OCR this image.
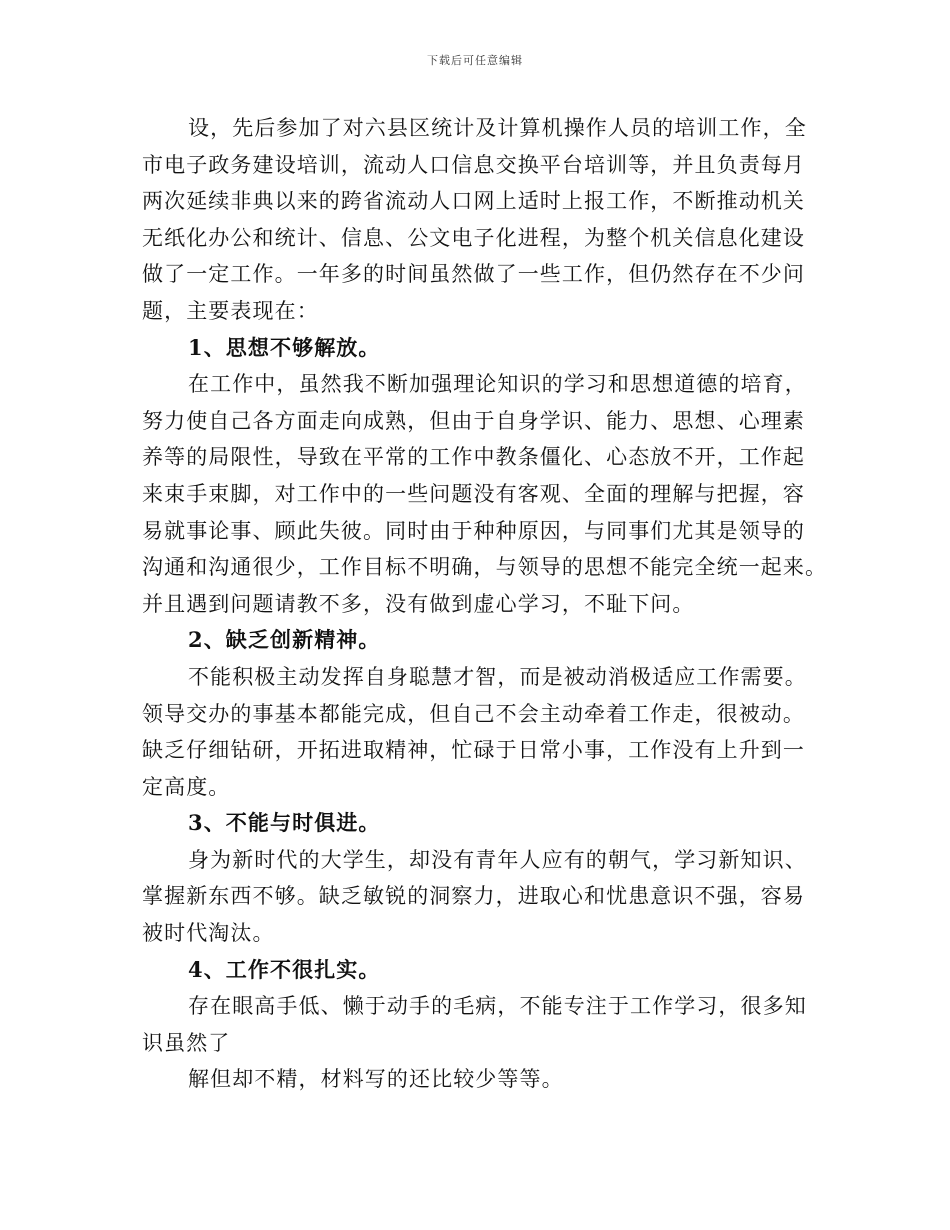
下载后可任意编辑
设，先后参加了对六县区统计及计算机操作人员的培训工作，全
市电子政务建设培训，流动人口信息交换平台培训等，并且负责每月
两次延续非典以来的跨省流动人口网上适时上报工作，不断推动机关
无纸化办公和统计、信息、公文电子化进程，为整个机关信息化建设
做了一定工作。一年多的时间虽然做了一些工作，但仍然存在不少问
题，主要表现在：
1、思想不够解放。
在工作中，虽然我不断加强理论知识的学习和思想道德的培育，
努力使自己各方面走向成熟，但由于自身学识、能力、思想、心理素
养等的局限性，导致在平常的工作中教条僵化、心态放不开，工作起
来束手束脚，对工作中的一些问题没有客观、全面的理解与把握，容
易就事论事、顾此失彼。同时由于种种原因，与同事们尤其是领导的
沟通和沟通很少，工作目标不明确，与领导的思想不能完全统一起来。
并且遇到问题请教不多，没有做到虚心学习，不耻下问。
2、缺乏创新精神。
不能积极主动发挥自身聪慧才智，而是被动消极适应工作需要。
领导交办的事基本都能完成，但自己不会主动牵着工作走，很被动。
缺乏仔细钻研，开拓进取精神，忙碌于日常小事，工作没有上升到一
定高度。
3、不能与时俱进。
身为新时代的大学生，却没有青年人应有的朝气，学习新知识、
掌握新东西不够。缺乏敏锐的洞察力，进取心和忧患意识不强，容易
被时代淘汰。
4、工作不很扎实。
存在眼高手低、懒于动手的毛病，不能专注于工作学习，很多知
识虽然了
解但却不精，材料写的还比较少等等。
